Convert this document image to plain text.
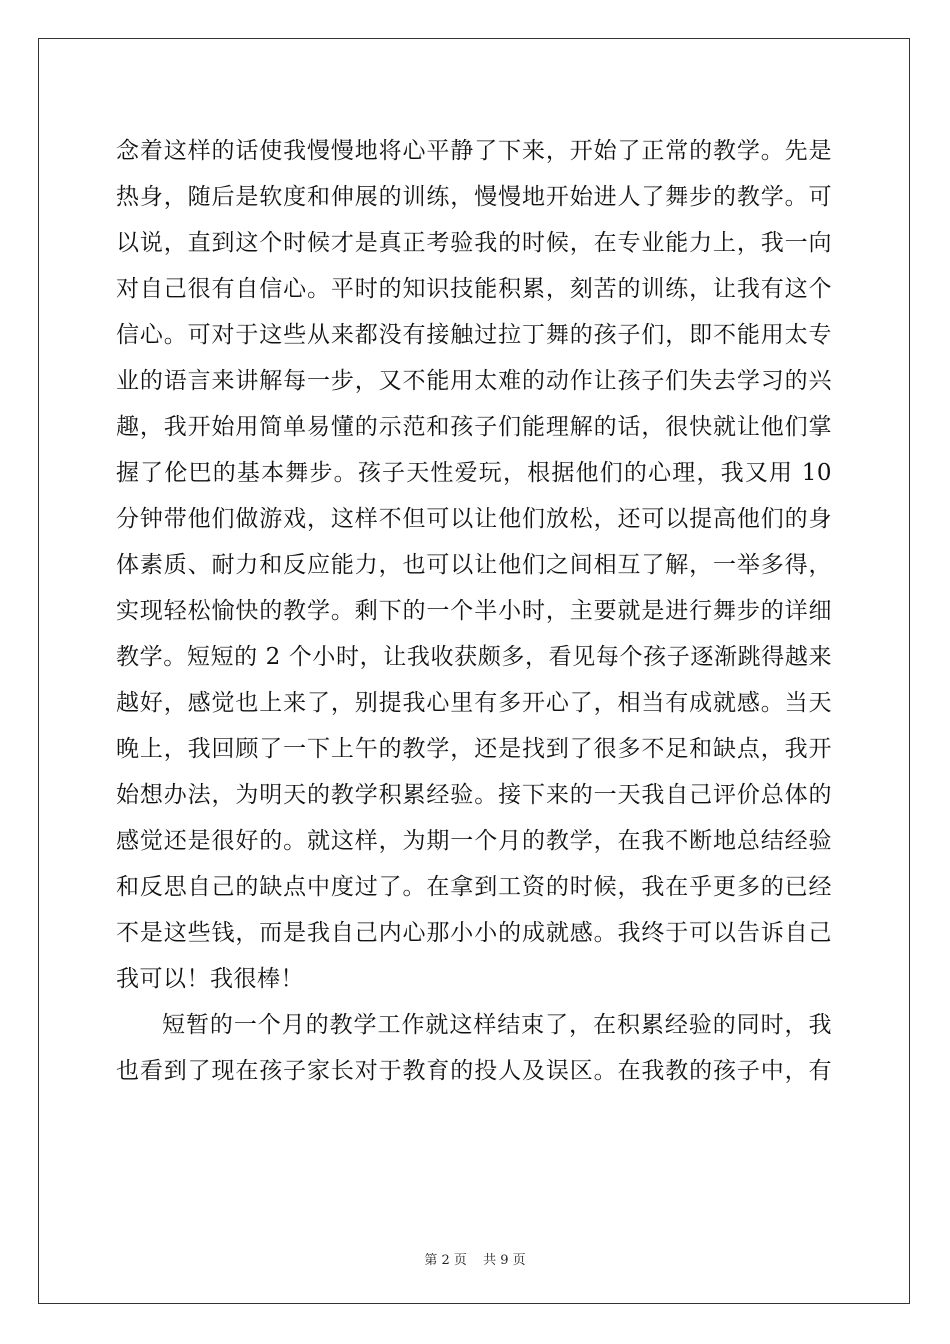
念着这样的话使我慢慢地将心平静了下来，开始了正常的教学。先是
热身，随后是软度和伸展的训练，慢慢地开始进人了舞步的教学。可
以说，直到这个时候才是真正考验我的时候，在专业能力上，我一向
对自己很有自信心。平时的知识技能积累，刻苦的训练，让我有这个
信心。可对于这些从来都没有接触过拉丁舞的孩子们，即不能用太专
业的语言来讲解每一步，又不能用太难的动作让孩子们失去学习的兴
趣，我开始用简单易懂的示范和孩子们能理解的话，很快就让他们掌
握了伦巴的基本舞步。孩子天性爱玩，根据他们的心理，我又用 10
分钟带他们做游戏，这样不但可以让他们放松，还可以提高他们的身
体素质、耐力和反应能力，也可以让他们之间相互了解，一举多得，
实现轻松愉快的教学。剩下的一个半小时，主要就是进行舞步的详细
教学。短短的 2 个小时，让我收获颇多，看见每个孩子逐渐跳得越来
越好，感觉也上来了，别提我心里有多开心了，相当有成就感。当天
晚上，我回顾了一下上午的教学，还是找到了很多不足和缺点，我开
始想办法，为明天的教学积累经验。接下来的一天我自己评价总体的
感觉还是很好的。就这样，为期一个月的教学，在我不断地总结经验
和反思自己的缺点中度过了。在拿到工资的时候，我在乎更多的已经
不是这些钱，而是我自己内心那小小的成就感。我终于可以告诉自己
我可以！我很棒！
短暂的一个月的教学工作就这样结束了，在积累经验的同时，我
也看到了现在孩子家长对于教育的投人及误区。在我教的孩子中，有
第 2 页 共 9 页
